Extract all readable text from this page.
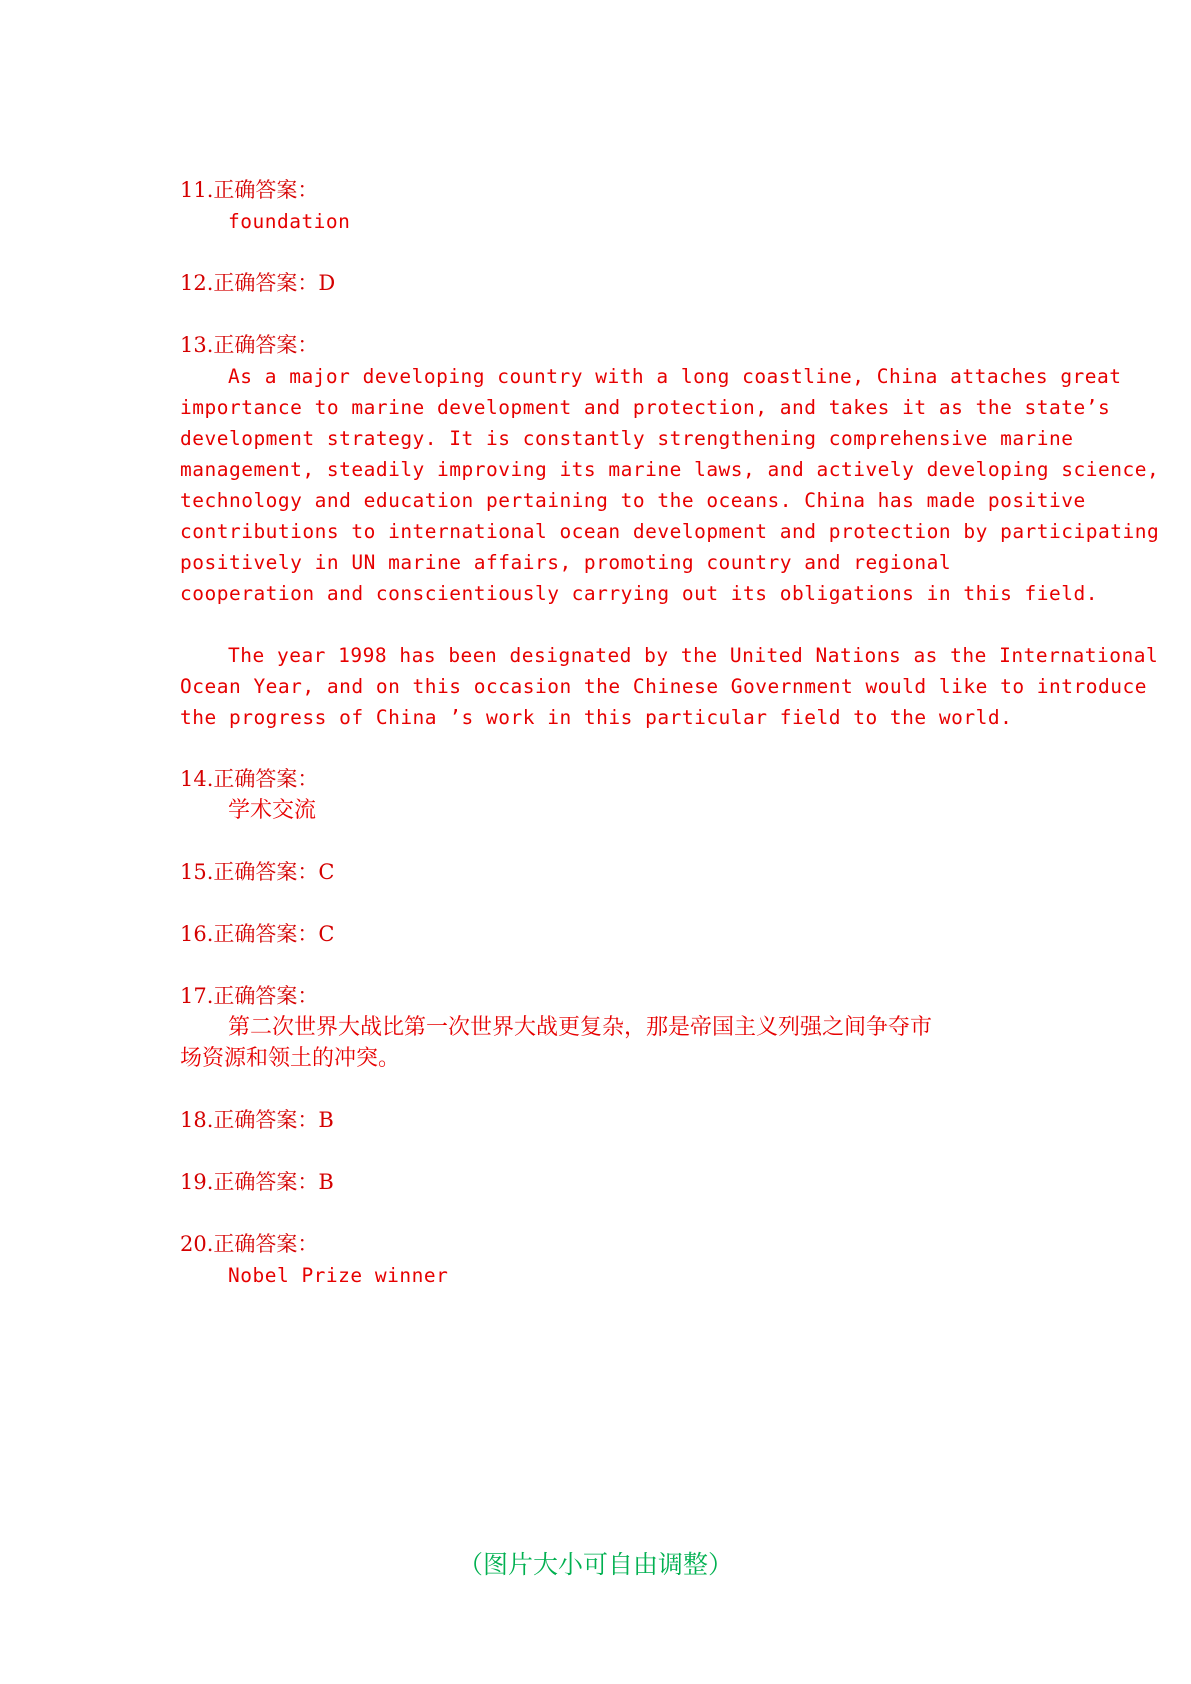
11.正确答案：
foundation
12.正确答案：D
13.正确答案：
As a major developing country with a long coastline, China attaches great
importance to marine development and protection, and takes it as the state’s
development strategy. It is constantly strengthening comprehensive marine
management, steadily improving its marine laws, and actively developing science,
technology and education pertaining to the oceans. China has made positive
contributions to international ocean development and protection by participating
positively in UN marine affairs, promoting country and regional
cooperation and conscientiously carrying out its obligations in this field.
The year 1998 has been designated by the United Nations as the International
Ocean Year, and on this occasion the Chinese Government would like to introduce
the progress of China ’s work in this particular field to the world.
14.正确答案：
学术交流
15.正确答案：C
16.正确答案：C
17.正确答案：
第二次世界大战比第一次世界大战更复杂，那是帝国主义列强之间争夺市
场资源和领土的冲突。
18.正确答案：B
19.正确答案：B
20.正确答案：
Nobel Prize winner
（图片大小可自由调整）
